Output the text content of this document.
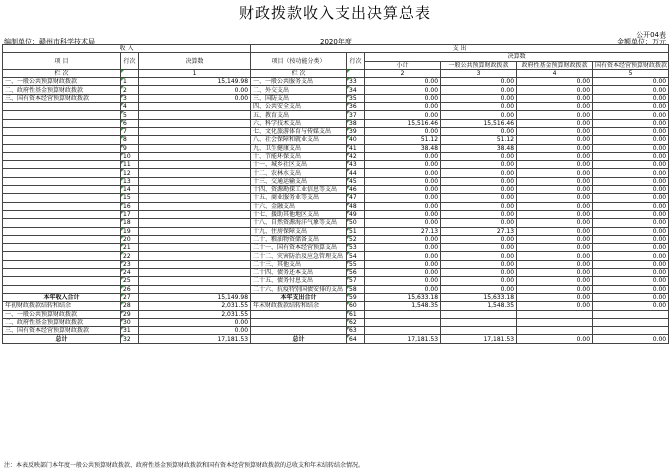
财政拨款收入支出决算总表
公开04表
编制单位：赣州市科学技术局	2020年度	金额单位：万元
收 入			支 出					
项 目	行次	决算数	项目（按功能分类）	行次	决算数			
					小计	一般公共预算财政拨款	政府性基金预算财政拨款	国有资本经营预算财政拨款
栏 次		1	栏 次		2	3	4	5
一、一般公共预算财政拨款	1	15,149.98	一、一般公共服务支出	33	0.00	0.00	0.00	0.00
二、政府性基金预算财政拨款	2	0.00	二、外交支出	34	0.00	0.00	0.00	0.00
三、国有资本经营预算财政拨款	3	0.00	三、国防支出	35	0.00	0.00	0.00	0.00
	4		四、公共安全支出	36	0.00	0.00	0.00	0.00
	5		五、教育支出	37	0.00	0.00	0.00	0.00
	6		六、科学技术支出	38	15,516.46	15,516.46	0.00	0.00
	7		七、文化旅游体育与传媒支出	39	0.00	0.00	0.00	0.00
	8		八、社会保障和就业支出	40	51.12	51.12	0.00	0.00
	9		九、卫生健康支出	41	38.48	38.48	0.00	0.00
	10		十、节能环保支出	42	0.00	0.00	0.00	0.00
	11		十一、城乡社区支出	43	0.00	0.00	0.00	0.00
	12		十二、农林水支出	44	0.00	0.00	0.00	0.00
	13		十三、交通运输支出	45	0.00	0.00	0.00	0.00
	14		十四、资源勘探工业信息等支出	46	0.00	0.00	0.00	0.00
	15		十五、商业服务业等支出	47	0.00	0.00	0.00	0.00
	16		十六、金融支出	48	0.00	0.00	0.00	0.00
	17		十七、援助其他地区支出	49	0.00	0.00	0.00	0.00
	18		十八、自然资源海洋气象等支出	50	0.00	0.00	0.00	0.00
	19		十九、住房保障支出	51	27.13	27.13	0.00	0.00
	20		二十、粮油物资储备支出	52	0.00	0.00	0.00	0.00
	21		二十一、国有资本经营预算支出	53	0.00	0.00	0.00	0.00
	22		二十二、灾害防治及应急管理支出	54	0.00	0.00	0.00	0.00
	23		二十三、其他支出	55	0.00	0.00	0.00	0.00
	24		二十四、债务还本支出	56	0.00	0.00	0.00	0.00
	25		二十五、债务付息支出	57	0.00	0.00	0.00	0.00
	26		二十六、抗疫特别国债安排的支出	58	0.00	0.00	0.00	0.00
本年收入合计	27	15,149.98	本年支出合计	59	15,633.18	15,633.18	0.00	0.00
年初财政拨款结转和结余	28	2,031.55	年末财政拨款结转和结余	60	1,548.35	1,548.35	0.00	0.00
一、一般公共预算财政拨款	29	2,031.55		61				
二、政府性基金预算财政拨款	30	0.00		62				
三、国有资本经营预算财政拨款	31	0.00		63				
总计	32	17,181.53	总计	64	17,181.53	17,181.53	0.00	0.00
注：本表反映部门本年度一般公共预算财政拨款、政府性基金预算财政拨款和国有资本经营预算财政拨款的总收支和年末结转结余情况。
